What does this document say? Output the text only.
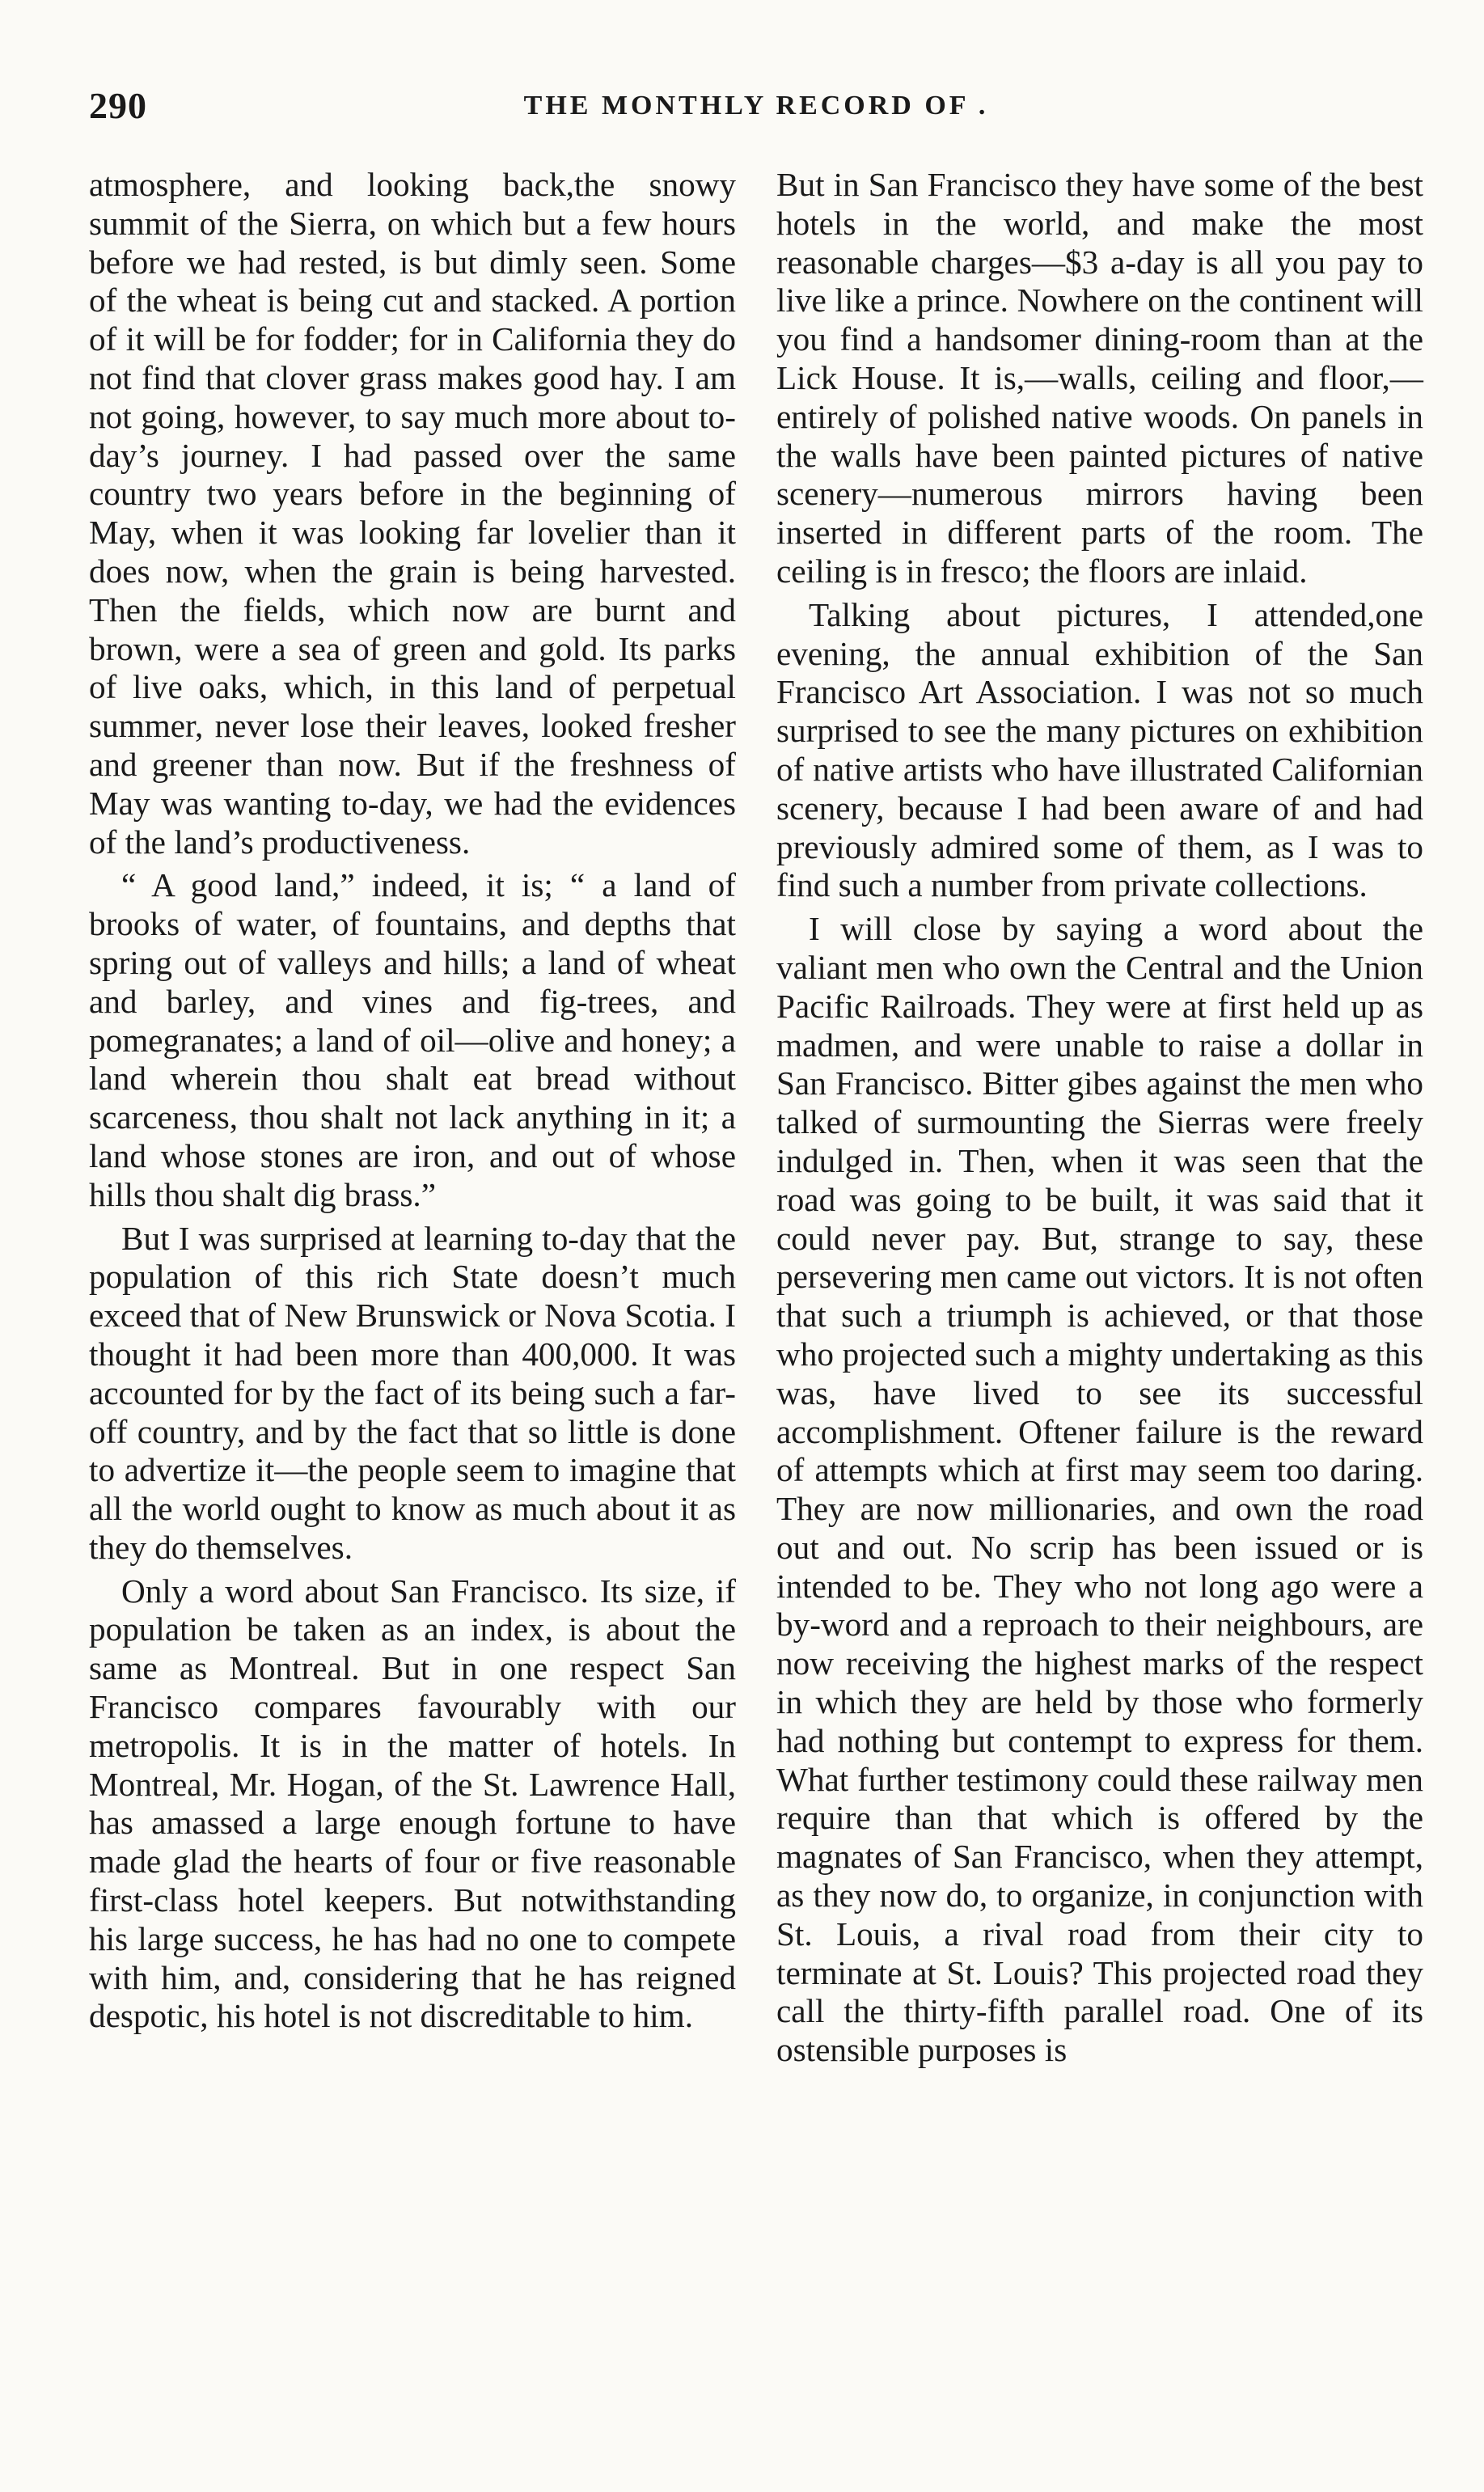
290	THE MONTHLY RECORD OF .

atmosphere, and looking back,the snowy summit of the Sierra, on which but a few hours before we had rested, is but dimly seen. Some of the wheat is being cut and stacked. A portion of it will be for fodder; for in California they do not find that clover grass makes good hay. I am not going, however, to say much more about to-day’s journey. I had passed over the same country two years before in the beginning of May, when it was looking far lovelier than it does now, when the grain is being harvested. Then the fields, which now are burnt and brown, were a sea of green and gold. Its parks of live oaks, which, in this land of perpetual summer, never lose their leaves, looked fresher and greener than now. But if the freshness of May was wanting to-day, we had the evidences of the land’s productiveness.

“ A good land,” indeed, it is; “ a land of brooks of water, of fountains, and depths that spring out of valleys and hills; a land of wheat and barley, and vines and fig-trees, and pomegranates; a land of oil—olive and honey; a land wherein thou shalt eat bread without scarceness, thou shalt not lack anything in it; a land whose stones are iron, and out of whose hills thou shalt dig brass.”

But I was surprised at learning to-day that the population of this rich State doesn’t much exceed that of New Brunswick or Nova Scotia. I thought it had been more than 400,000. It was accounted for by the fact of its being such a far-off country, and by the fact that so little is done to advertize it—the people seem to imagine that all the world ought to know as much about it as they do themselves.

Only a word about San Francisco. Its size, if population be taken as an index, is about the same as Montreal. But in one respect San Francisco compares favourably with our metropolis. It is in the matter of hotels. In Montreal, Mr. Hogan, of the St. Lawrence Hall, has amassed a large enough fortune to have made glad the hearts of four or five reasonable first-class hotel keepers. But notwithstanding his large success, he has had no one to compete with him, and, considering that he has reigned despotic, his hotel is not discreditable to him.

But in San Francisco they have some of the best hotels in the world, and make the most reasonable charges—$3 a-day is all you pay to live like a prince. Nowhere on the continent will you find a handsomer dining-room than at the Lick House. It is,—walls, ceiling and floor,—entirely of polished native woods. On panels in the walls have been painted pictures of native scenery—numerous mirrors having been inserted in different parts of the room. The ceiling is in fresco; the floors are inlaid.

Talking about pictures, I attended,one evening, the annual exhibition of the San Francisco Art Association. I was not so much surprised to see the many pictures on exhibition of native artists who have illustrated Californian scenery, because I had been aware of and had previously admired some of them, as I was to find such a number from private collections.

I will close by saying a word about the valiant men who own the Central and the Union Pacific Railroads. They were at first held up as madmen, and were unable to raise a dollar in San Francisco. Bitter gibes against the men who talked of surmounting the Sierras were freely indulged in. Then, when it was seen that the road was going to be built, it was said that it could never pay. But, strange to say, these persevering men came out victors. It is not often that such a triumph is achieved, or that those who projected such a mighty undertaking as this was, have lived to see its successful accomplishment. Oftener failure is the reward of attempts which at first may seem too daring. They are now millionaries, and own the road out and out. No scrip has been issued or is intended to be. They who not long ago were a by-word and a reproach to their neighbours, are now receiving the highest marks of the respect in which they are held by those who formerly had nothing but contempt to express for them. What further testimony could these railway men require than that which is offered by the magnates of San Francisco, when they attempt, as they now do, to organize, in conjunction with St. Louis, a rival road from their city to terminate at St. Louis? This projected road they call the thirty-fifth parallel road. One of its ostensible purposes is
